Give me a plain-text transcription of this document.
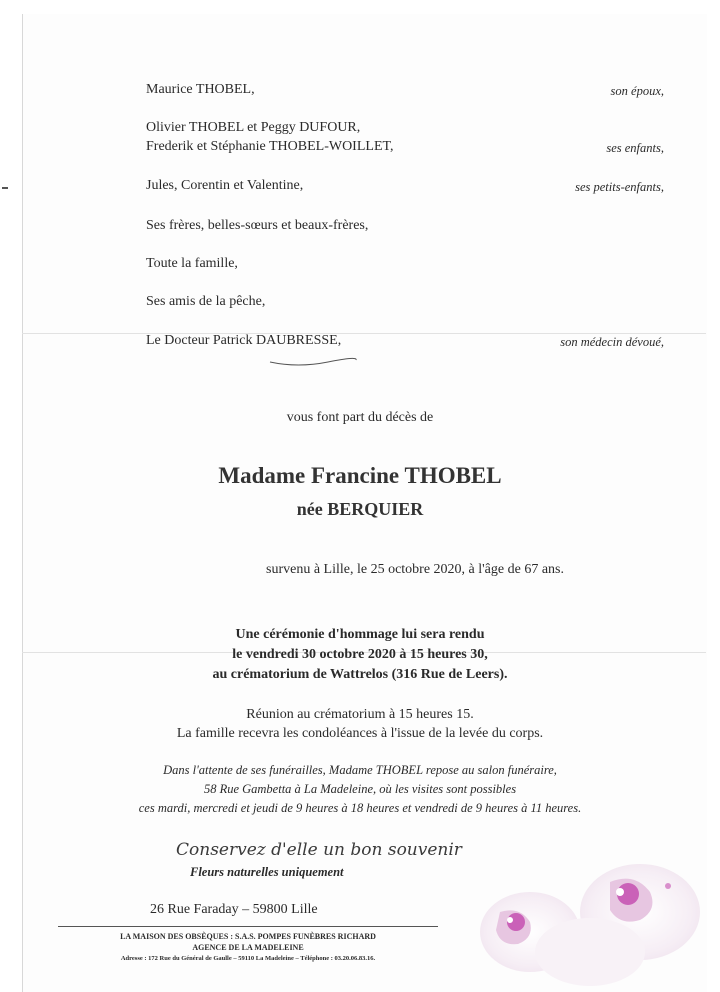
Maurice THOBEL,	son époux,
Olivier THOBEL et Peggy DUFOUR,
Frederik et Stéphanie THOBEL-WOILLET,	ses enfants,
Jules, Corentin et Valentine,	ses petits-enfants,
Ses frères, belles-sœurs et beaux-frères,
Toute la famille,
Ses amis de la pêche,
Le Docteur Patrick DAUBRESSE,	son médecin dévoué,
vous font part du décès de
Madame Francine THOBEL
née BERQUIER
survenu à Lille, le 25 octobre 2020, à l'âge de 67 ans.
Une cérémonie d'hommage lui sera rendu
le vendredi 30 octobre 2020 à 15 heures 30,
au crématorium de Wattrelos (316 Rue de Leers).
Réunion au crématorium à 15 heures 15.
La famille recevra les condoléances à l'issue de la levée du corps.
Dans l'attente de ses funérailles, Madame THOBEL repose au salon funéraire,
58 Rue Gambetta à La Madeleine, où les visites sont possibles
ces mardi, mercredi et jeudi de 9 heures à 18 heures et vendredi de 9 heures à 11 heures.
Conservez d'elle un bon souvenir
Fleurs naturelles uniquement
26 Rue Faraday – 59800 Lille
LA MAISON DES OBSÈQUES : S.A.S. POMPES FUNÈBRES RICHARD
AGENCE DE LA MADELEINE
Adresse : 172 Rue du Général de Gaulle – 59110 La Madeleine – Téléphone : 03.20.06.83.16.
